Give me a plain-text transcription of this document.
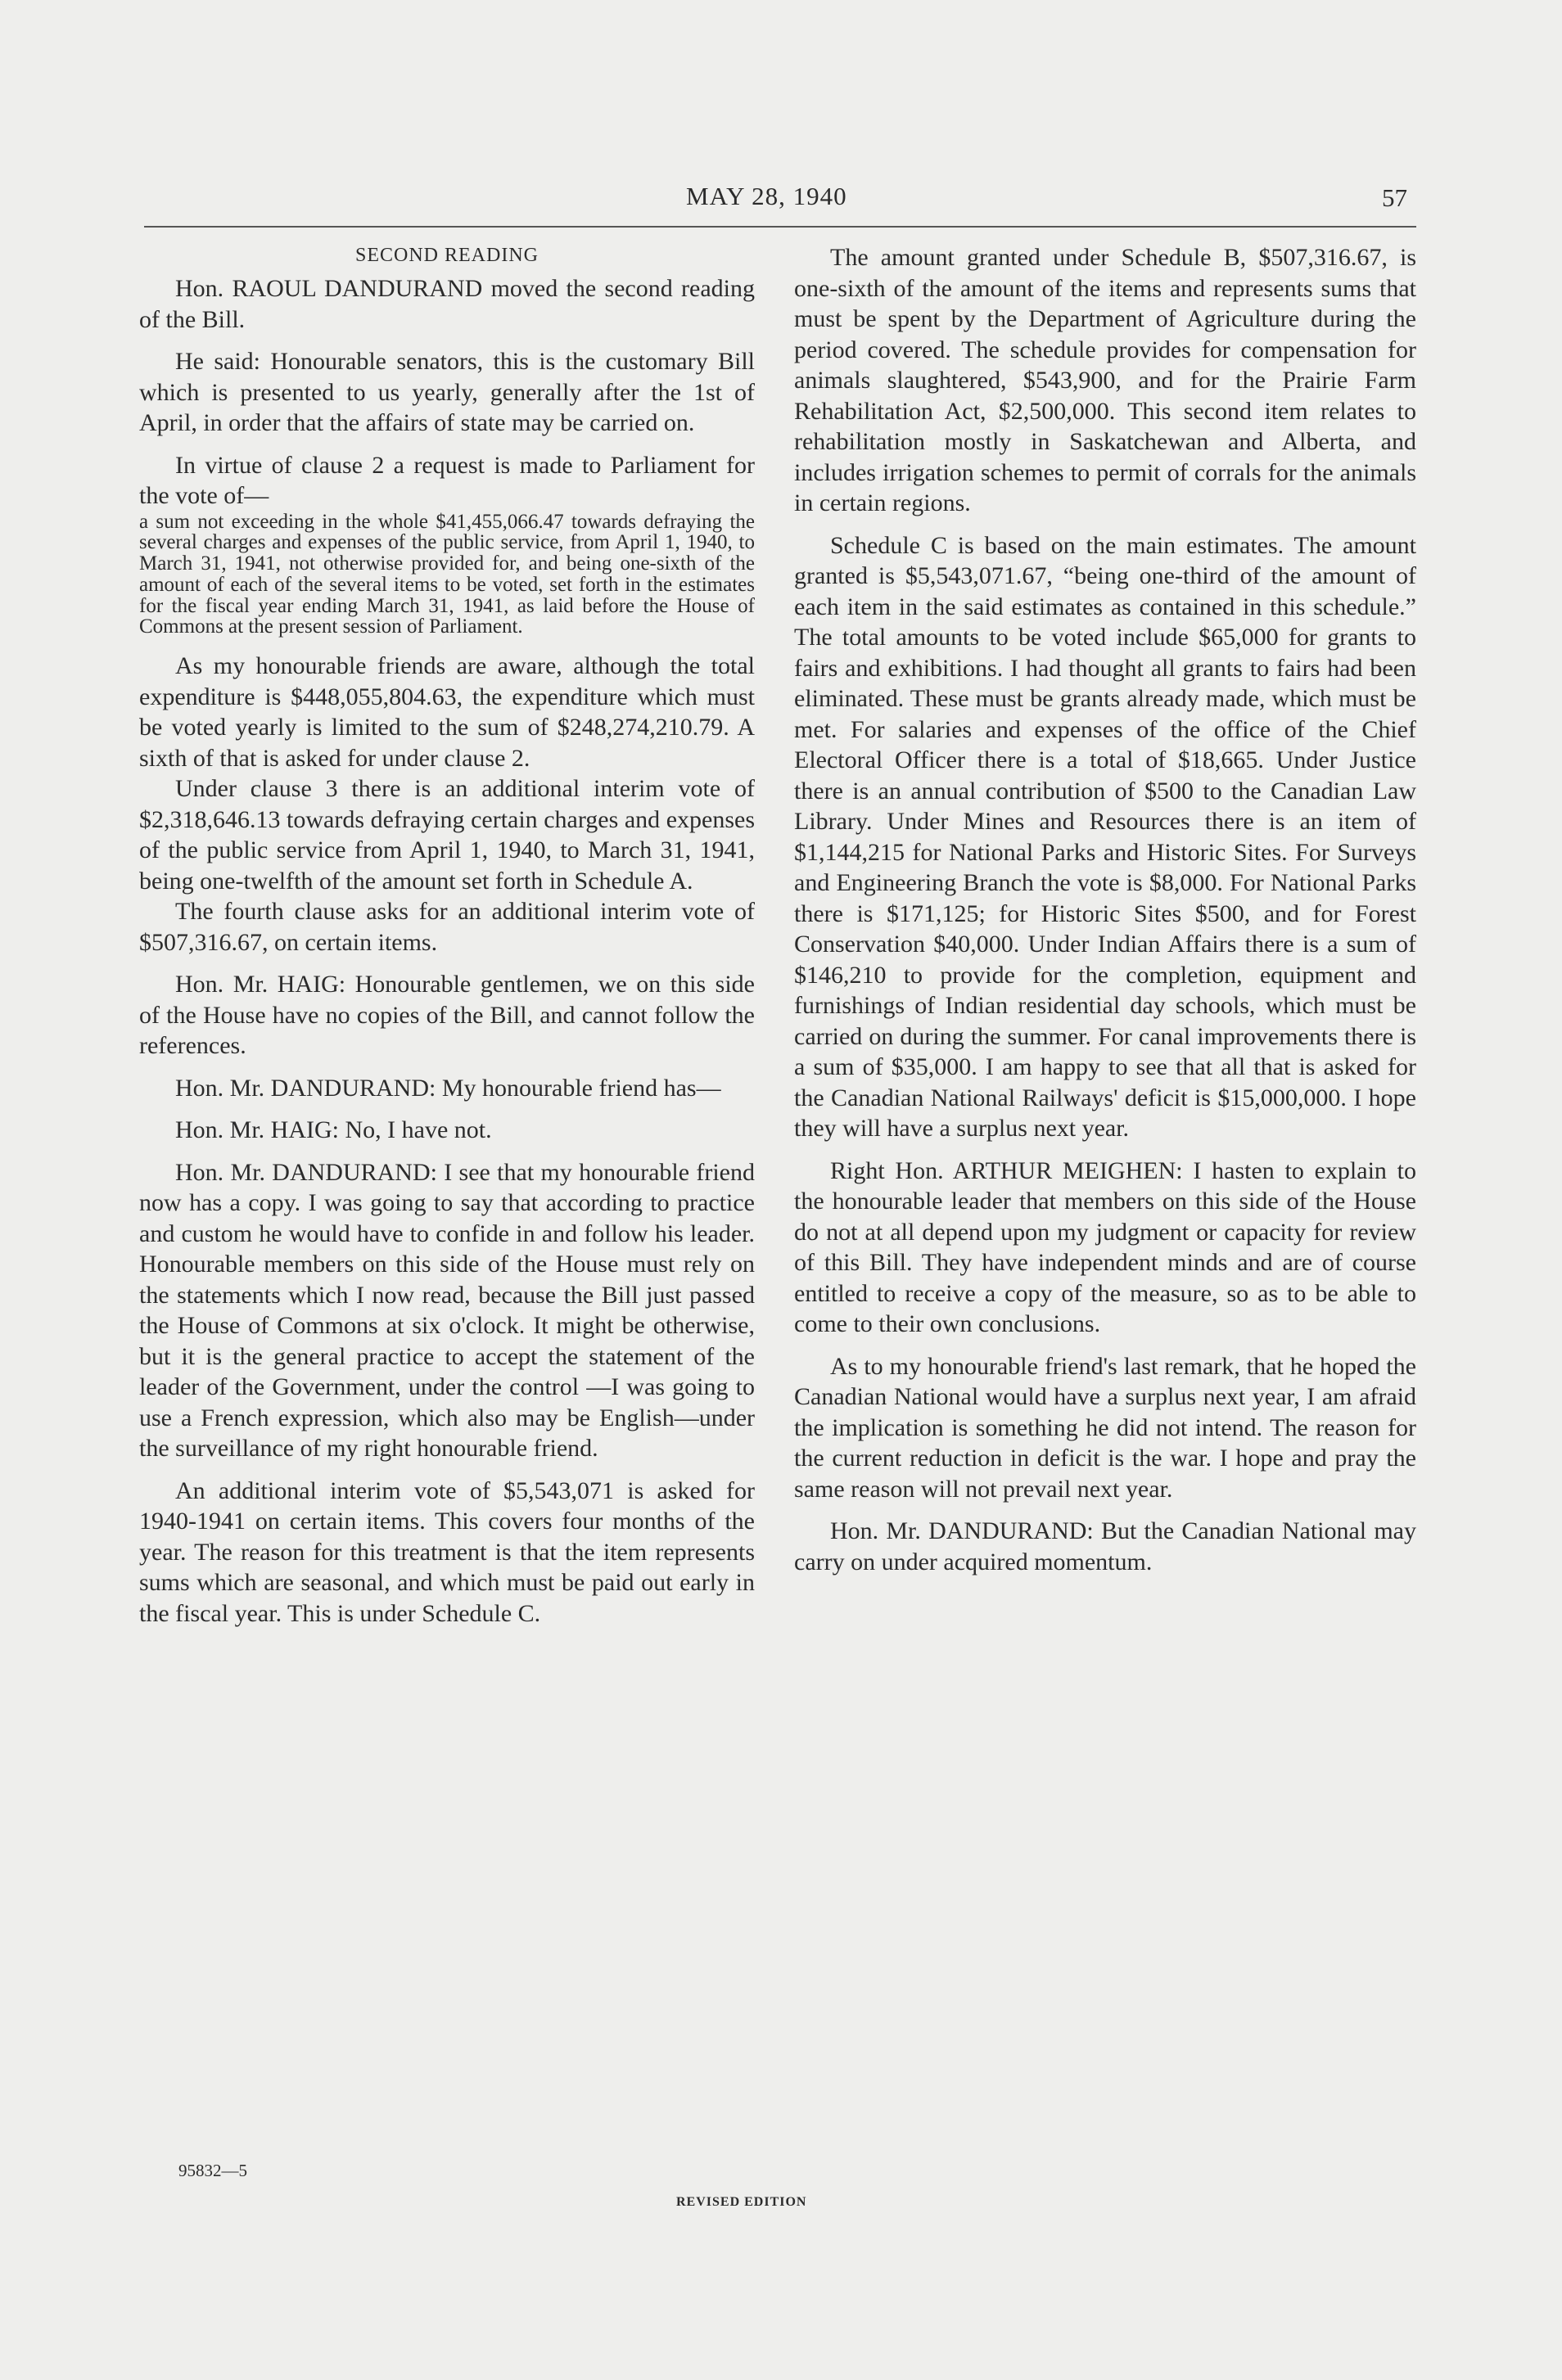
MAY 28, 1940	57
SECOND READING

Hon. RAOUL DANDURAND moved the second reading of the Bill.

He said: Honourable senators, this is the customary Bill which is presented to us yearly, generally after the 1st of April, in order that the affairs of state may be carried on.

In virtue of clause 2 a request is made to Parliament for the vote of—

a sum not exceeding in the whole $41,455,066.47 towards defraying the several charges and expenses of the public service, from April 1, 1940, to March 31, 1941, not otherwise provided for, and being one-sixth of the amount of each of the several items to be voted, set forth in the estimates for the fiscal year ending March 31, 1941, as laid before the House of Commons at the present session of Parliament.

As my honourable friends are aware, although the total expenditure is $448,055,804.63, the expenditure which must be voted yearly is limited to the sum of $248,274,210.79. A sixth of that is asked for under clause 2.

Under clause 3 there is an additional interim vote of $2,318,646.13 towards defraying certain charges and expenses of the public service from April 1, 1940, to March 31, 1941, being one-twelfth of the amount set forth in Schedule A.

The fourth clause asks for an additional interim vote of $507,316.67, on certain items.

Hon. Mr. HAIG: Honourable gentlemen, we on this side of the House have no copies of the Bill, and cannot follow the references.

Hon. Mr. DANDURAND: My honourable friend has—

Hon. Mr. HAIG: No, I have not.

Hon. Mr. DANDURAND: I see that my honourable friend now has a copy. I was going to say that according to practice and custom he would have to confide in and follow his leader. Honourable members on this side of the House must rely on the statements which I now read, because the Bill just passed the House of Commons at six o'clock. It might be otherwise, but it is the general practice to accept the statement of the leader of the Government, under the control —I was going to use a French expression, which also may be English—under the surveillance of my right honourable friend.

An additional interim vote of $5,543,071 is asked for 1940-1941 on certain items. This covers four months of the year. The reason for this treatment is that the item represents sums which are seasonal, and which must be paid out early in the fiscal year. This is under Schedule C.

The amount granted under Schedule B, $507,316.67, is one-sixth of the amount of the items and represents sums that must be spent by the Department of Agriculture during the period covered. The schedule provides for compensation for animals slaughtered, $543,900, and for the Prairie Farm Rehabilitation Act, $2,500,000. This second item relates to rehabilitation mostly in Saskatchewan and Alberta, and includes irrigation schemes to permit of corrals for the animals in certain regions.

Schedule C is based on the main estimates. The amount granted is $5,543,071.67, “being one-third of the amount of each item in the said estimates as contained in this schedule.” The total amounts to be voted include $65,000 for grants to fairs and exhibitions. I had thought all grants to fairs had been eliminated. These must be grants already made, which must be met. For salaries and expenses of the office of the Chief Electoral Officer there is a total of $18,665. Under Justice there is an annual contribution of $500 to the Canadian Law Library. Under Mines and Resources there is an item of $1,144,215 for National Parks and Historic Sites. For Surveys and Engineering Branch the vote is $8,000. For National Parks there is $171,125; for Historic Sites $500, and for Forest Conservation $40,000. Under Indian Affairs there is a sum of $146,210 to provide for the completion, equipment and furnishings of Indian residential day schools, which must be carried on during the summer. For canal improvements there is a sum of $35,000. I am happy to see that all that is asked for the Canadian National Railways' deficit is $15,000,000. I hope they will have a surplus next year.

Right Hon. ARTHUR MEIGHEN: I hasten to explain to the honourable leader that members on this side of the House do not at all depend upon my judgment or capacity for review of this Bill. They have independent minds and are of course entitled to receive a copy of the measure, so as to be able to come to their own conclusions.

As to my honourable friend's last remark, that he hoped the Canadian National would have a surplus next year, I am afraid the implication is something he did not intend. The reason for the current reduction in deficit is the war. I hope and pray the same reason will not prevail next year.

Hon. Mr. DANDURAND: But the Canadian National may carry on under acquired momentum.

95832—5
REVISED EDITION
